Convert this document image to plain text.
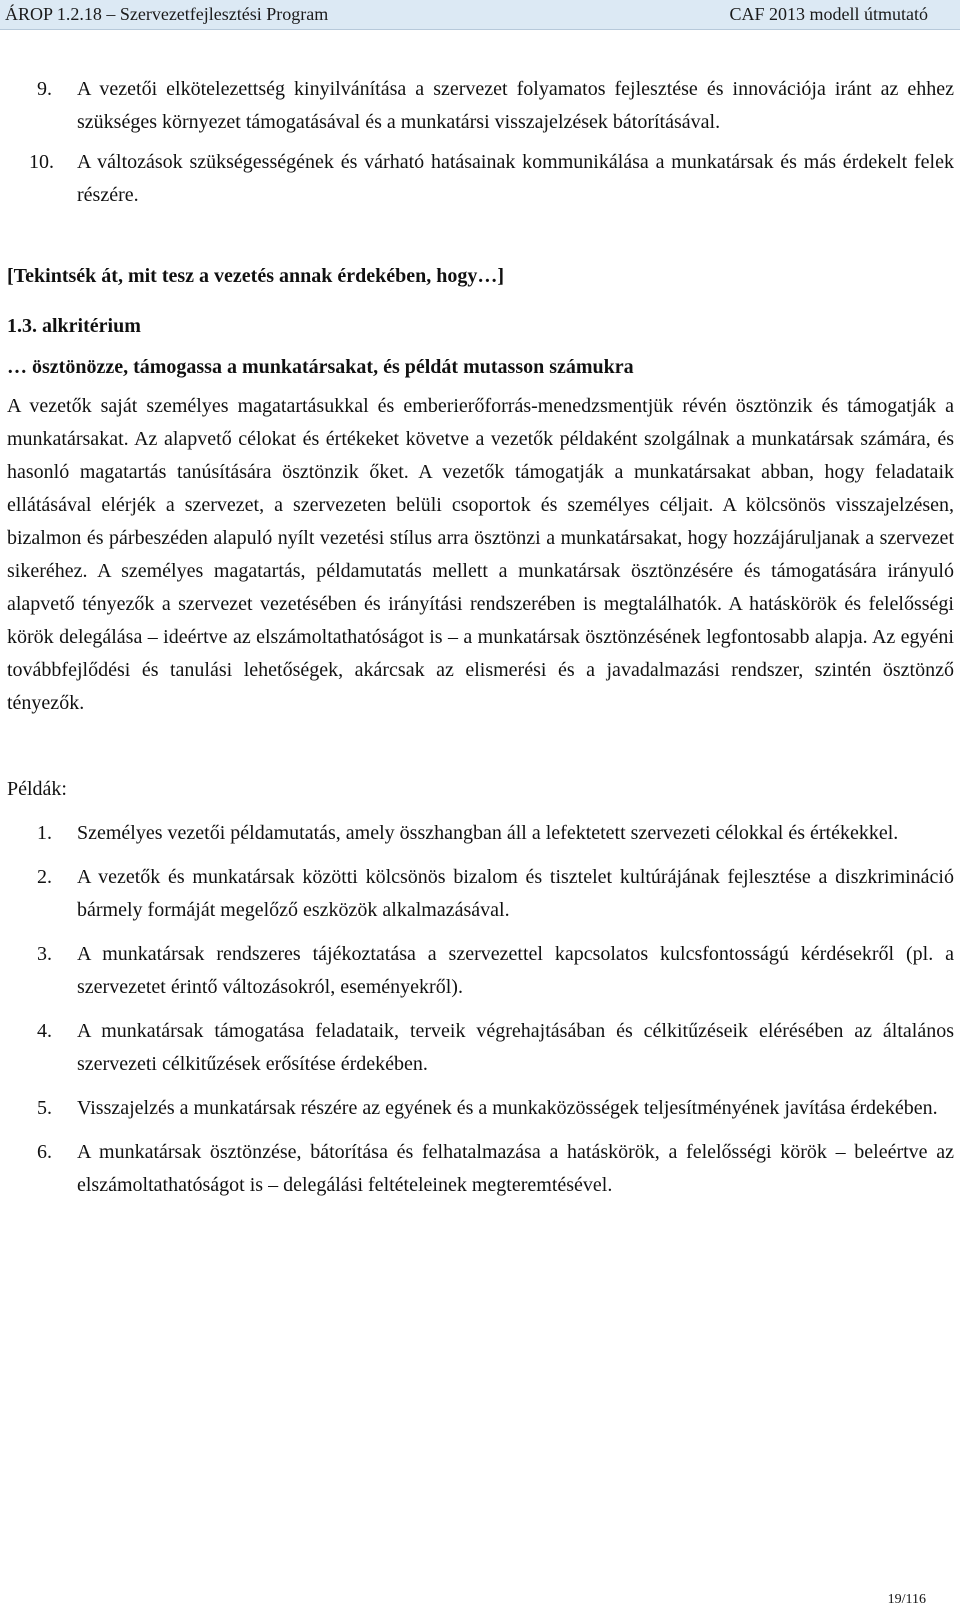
ÁROP 1.2.18 – Szervezetfejlesztési Program	CAF 2013 modell útmutató
9.	A vezetői elkötelezettség kinyilvánítása a szervezet folyamatos fejlesztése és innovációja iránt az ehhez szükséges környezet támogatásával és a munkatársi visszajelzések bátorításával.
10.	A változások szükségességének és várható hatásainak kommunikálása a munkatársak és más érdekelt felek részére.
[Tekintsék át, mit tesz a vezetés annak érdekében, hogy…]
1.3. alkritérium
… ösztönözze, támogassa a munkatársakat, és példát mutasson számukra

A vezetők saját személyes magatartásukkal és emberierőforrás-menedzsmentjük révén ösztönzik és támogatják a munkatársakat. Az alapvető célokat és értékeket követve a vezetők példaként szolgálnak a munkatársak számára, és hasonló magatartás tanúsítására ösztönzik őket. A vezetők támogatják a munkatársakat abban, hogy feladataik ellátásával elérjék a szervezet, a szervezeten belüli csoportok és személyes céljait. A kölcsönös visszajelzésen, bizalmon és párbeszéden alapuló nyílt vezetési stílus arra ösztönzi a munkatársakat, hogy hozzájáruljanak a szervezet sikeréhez. A személyes magatartás, példamutatás mellett a munkatársak ösztönzésére és támogatására irányuló alapvető tényezők a szervezet vezetésében és irányítási rendszerében is megtalálhatók. A hatáskörök és felelősségi körök delegálása – ideértve az elszámoltathatóságot is – a munkatársak ösztönzésének legfontosabb alapja. Az egyéni továbbfejlődési és tanulási lehetőségek, akárcsak az elismerési és a javadalmazási rendszer, szintén ösztönző tényezők.

Példák:

1.	Személyes vezetői példamutatás, amely összhangban áll a lefektetett szervezeti célokkal és értékekkel.
2.	A vezetők és munkatársak közötti kölcsönös bizalom és tisztelet kultúrájának fejlesztése a diszkrimináció bármely formáját megelőző eszközök alkalmazásával.
3.	A munkatársak rendszeres tájékoztatása a szervezettel kapcsolatos kulcsfontosságú kérdésekről (pl. a szervezetet érintő változásokról, eseményekről).
4.	A munkatársak támogatása feladataik, terveik végrehajtásában és célkitűzéseik elérésében az általános szervezeti célkitűzések erősítése érdekében.
5.	Visszajelzés a munkatársak részére az egyének és a munkaközösségek teljesítményének javítása érdekében.
6.	A munkatársak ösztönzése, bátorítása és felhatalmazása a hatáskörök, a felelősségi körök – beleértve az elszámoltathatóságot is – delegálási feltételeinek megteremtésével.
19/116
